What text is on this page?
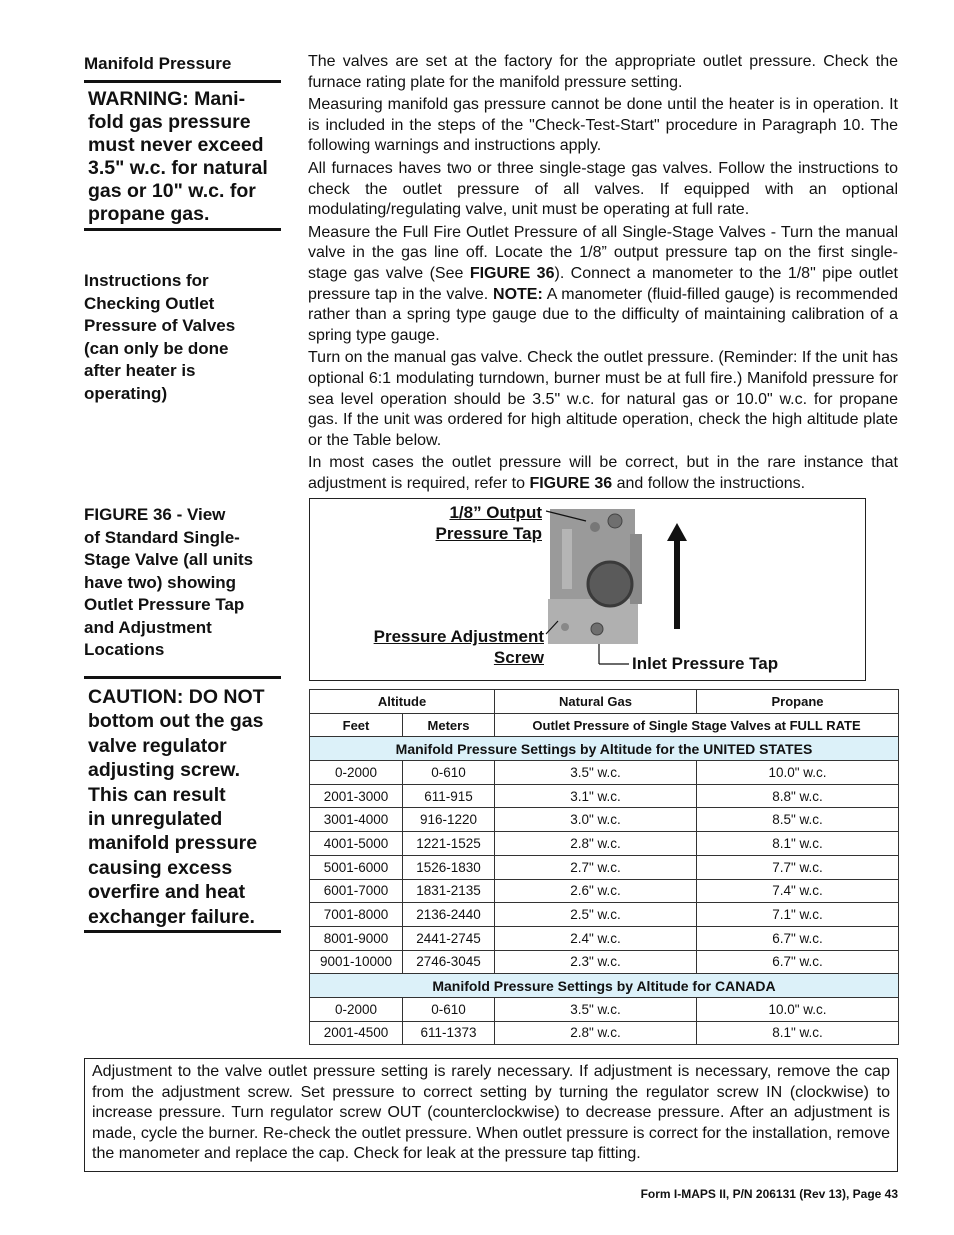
Manifold Pressure
WARNING: Mani-
fold gas pressure
must never exceed
3.5" w.c. for natural
gas or 10" w.c. for
propane gas.
Instructions for
Checking Outlet
Pressure of Valves
(can only be done
after heater is
operating)
FIGURE 36 - View
of Standard Single-
Stage Valve (all units
have two) showing
Outlet Pressure Tap
and Adjustment
Locations
CAUTION: DO NOT
bottom out the gas
valve regulator
adjusting screw.
This can result
in unregulated
manifold pressure
causing excess
overfire and heat
exchanger failure.

The valves are set at the factory for the appropriate outlet pressure. Check the furnace rating plate for the manifold pressure setting.

Measuring manifold gas pressure cannot be done until the heater is in operation. It is included in the steps of the "Check-Test-Start" procedure in Paragraph 10. The following warnings and instructions apply.

All furnaces haves two or three single-stage gas valves. Follow the instructions to check the outlet pressure of all valves. If equipped with an optional modulating/regulating valve, unit must be operating at full rate.

Measure the Full Fire Outlet Pressure of all Single-Stage Valves - Turn the manual valve in the gas line off. Locate the 1/8” output pressure tap on the first single-stage gas valve (See FIGURE 36). Connect a manometer to the 1/8" pipe outlet pressure tap in the valve. NOTE: A manometer (fluid-filled gauge) is recommended rather than a spring type gauge due to the difficulty of maintaining calibration of a spring type gauge.

Turn on the manual gas valve. Check the outlet pressure. (Reminder: If the unit has optional 6:1 modulating turndown, burner must be at full fire.) Manifold pressure for sea level operation should be 3.5" w.c. for natural gas or 10.0" w.c. for propane gas. If the unit was ordered for high altitude operation, check the high altitude plate or the Table below.

In most cases the outlet pressure will be correct, but in the rare instance that adjustment is required, refer to FIGURE 36 and follow the instructions.

1/8” Output
Pressure Tap
Pressure Adjustment
Screw	Inlet Pressure Tap
Altitude		Natural Gas	Propane
Feet	Meters	Outlet Pressure of Single Stage Valves at FULL RATE	
Manifold Pressure Settings by Altitude for the UNITED STATES			
0-2000	0-610	3.5" w.c.	10.0" w.c.
2001-3000	611-915	3.1" w.c.	8.8" w.c.
3001-4000	916-1220	3.0" w.c.	8.5" w.c.
4001-5000	1221-1525	2.8" w.c.	8.1" w.c.
5001-6000	1526-1830	2.7" w.c.	7.7" w.c.
6001-7000	1831-2135	2.6" w.c.	7.4" w.c.
7001-8000	2136-2440	2.5" w.c.	7.1" w.c.
8001-9000	2441-2745	2.4" w.c.	6.7" w.c.
9001-10000	2746-3045	2.3" w.c.	6.7" w.c.
Manifold Pressure Settings by Altitude for CANADA			
0-2000	0-610	3.5" w.c.	10.0" w.c.
2001-4500	611-1373	2.8" w.c.	8.1" w.c.
Adjustment to the valve outlet pressure setting is rarely necessary. If adjustment is necessary, remove the cap from the adjustment screw. Set pressure to correct setting by turning the regulator screw IN (clockwise) to increase pressure. Turn regulator screw OUT (counterclockwise) to decrease pressure. After an adjustment is made, cycle the burner. Re-check the outlet pressure. When outlet pressure is correct for the installation, remove the manometer and replace the cap. Check for leak at the pressure tap fitting.
Form I-MAPS II, P/N 206131 (Rev 13), Page 43
